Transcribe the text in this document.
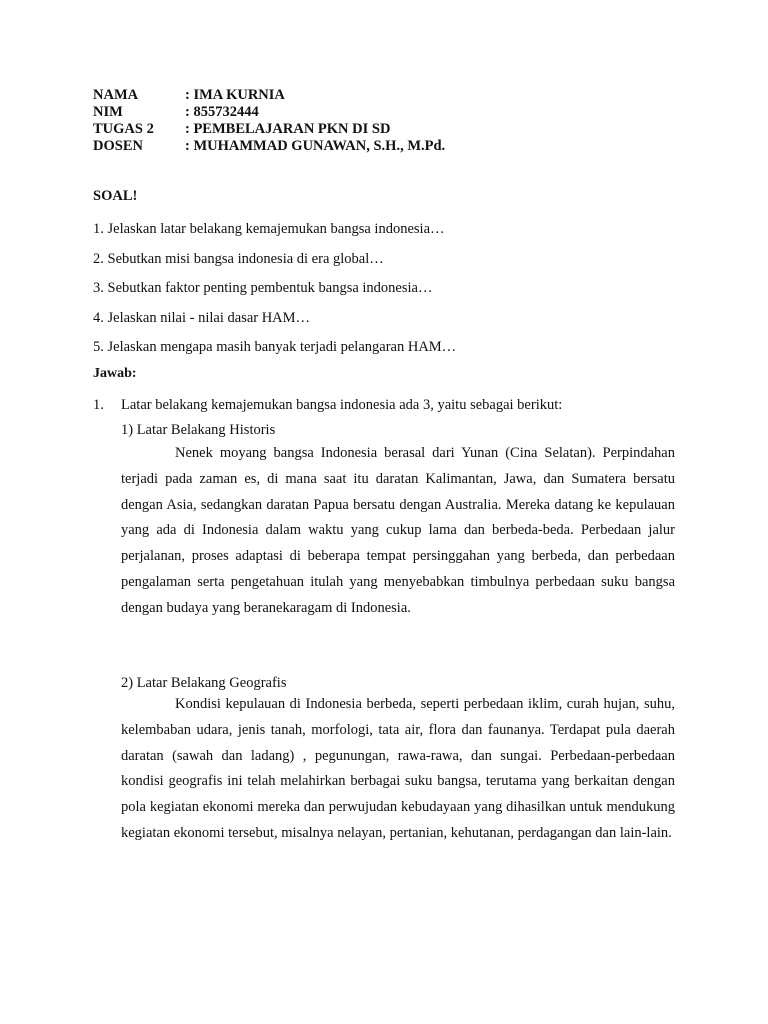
NAMA	: IMA KURNIA
NIM	: 855732444
TUGAS 2	: PEMBELAJARAN PKN DI SD
DOSEN	: MUHAMMAD GUNAWAN, S.H., M.Pd.

SOAL!

1. Jelaskan latar belakang kemajemukan bangsa indonesia…

2. Sebutkan misi bangsa indonesia di era global…

3. Sebutkan faktor penting pembentuk bangsa indonesia…

4. Jelaskan nilai - nilai dasar HAM…

5. Jelaskan mengapa masih banyak terjadi pelangaran HAM…

Jawab:

1. Latar belakang kemajemukan bangsa indonesia ada 3, yaitu sebagai berikut:

1) Latar Belakang Historis

Nenek moyang bangsa Indonesia berasal dari Yunan (Cina Selatan). Perpindahan terjadi pada zaman es, di mana saat itu daratan Kalimantan, Jawa, dan Sumatera bersatu dengan Asia, sedangkan daratan Papua bersatu dengan Australia. Mereka datang ke kepulauan yang ada di Indonesia dalam waktu yang cukup lama dan berbeda-beda. Perbedaan jalur perjalanan, proses adaptasi di beberapa tempat persinggahan yang berbeda, dan perbedaan pengalaman serta pengetahuan itulah yang menyebabkan timbulnya perbedaan suku bangsa dengan budaya yang beranekaragam di Indonesia.

2) Latar Belakang Geografis

Kondisi kepulauan di Indonesia berbeda, seperti perbedaan iklim, curah hujan, suhu, kelembaban udara, jenis tanah, morfologi, tata air, flora dan faunanya. Terdapat pula daerah daratan (sawah dan ladang) , pegunungan, rawa-rawa, dan sungai. Perbedaan-perbedaan kondisi geografis ini telah melahirkan berbagai suku bangsa, terutama yang berkaitan dengan pola kegiatan ekonomi mereka dan perwujudan kebudayaan yang dihasilkan untuk mendukung kegiatan ekonomi tersebut, misalnya nelayan, pertanian, kehutanan, perdagangan dan lain-lain.
